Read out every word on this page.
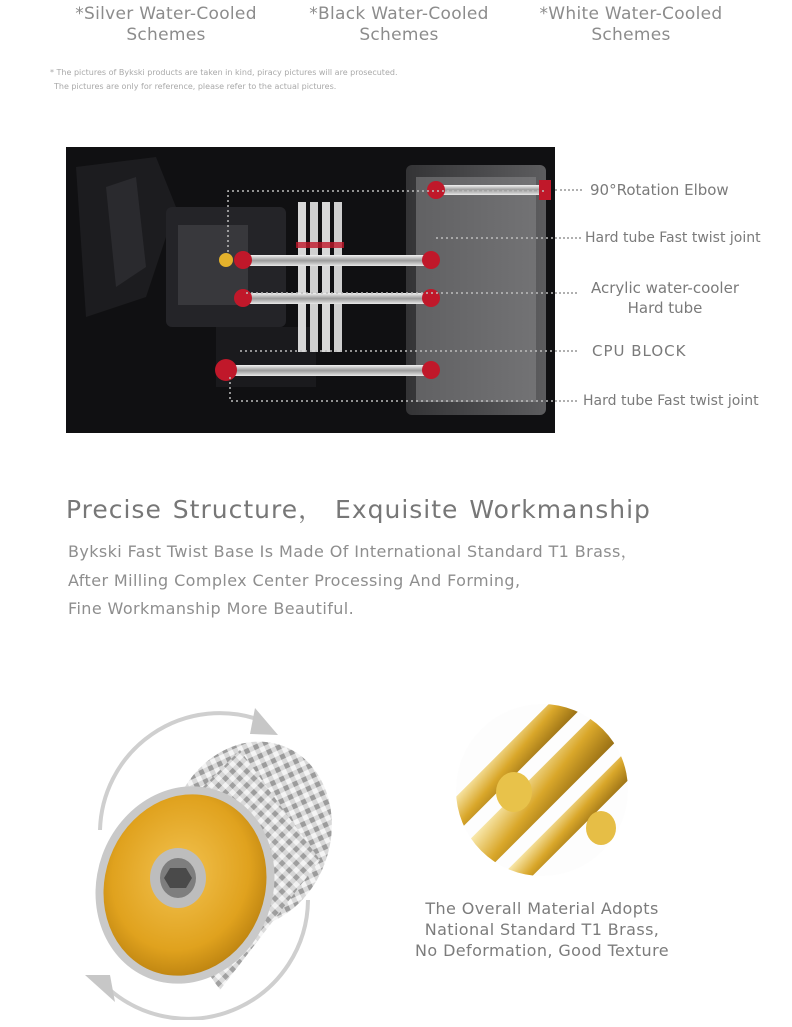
*Silver Water-Cooled
Schemes
*Black Water-Cooled
Schemes
*White Water-Cooled
Schemes
* The pictures of Bykski products are taken in kind, piracy pictures will are prosecuted.
The pictures are only for reference, please refer to the actual pictures.
90°Rotation Elbow
Hard tube Fast twist joint
Acrylic water-cooler
Hard tube
CPU BLOCK
Hard tube Fast twist joint
Precise Structure， Exquisite Workmanship
Bykski Fast Twist Base Is Made Of International Standard T1 Brass，
After Milling Complex Center Processing And Forming,
Fine Workmanship More Beautiful.
The Overall Material Adopts
National Standard T1 Brass,
No Deformation, Good Texture
